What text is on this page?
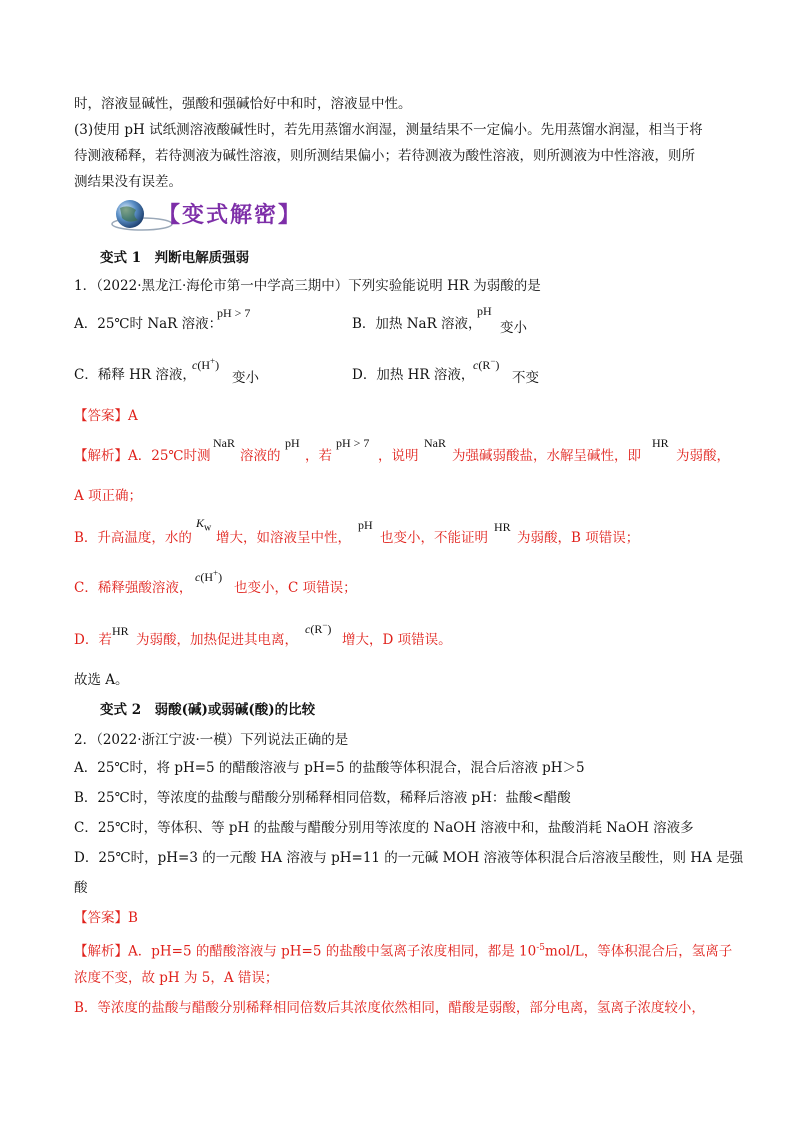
时，溶液显碱性，强酸和强碱恰好中和时，溶液显中性。
(3)使用 pH 试纸测溶液酸碱性时，若先用蒸馏水润湿，测量结果不一定偏小。先用蒸馏水润湿，相当于将
待测液稀释，若待测液为碱性溶液，则所测结果偏小；若待测液为酸性溶液，则所测液为中性溶液，则所
测结果没有误差。
【变式解密】
变式 1　判断电解质强弱
1．（2022·黑龙江·海伦市第一中学高三期中）下列实验能说明 HR 为弱酸的是
A．25℃时 NaR 溶液：
pH > 7
B．加热 NaR 溶液，
pH
变小
C．稀释 HR 溶液，
c(H+)
变小	D．加热 HR 溶液，
c(R−)
不变
【答案】A
【解析】A．25℃时测
NaR
溶液的
pH
，若
pH > 7
，说明
NaR
为强碱弱酸盐，水解呈碱性，即
HR
为弱酸，
A 项正确；
B．升高温度，水的
$K_w$
增大，如溶液呈中性，
pH
也变小，不能证明
HR
为弱酸，B 项错误；
C．稀释强酸溶液，
c(H+)
也变小，C 项错误；
D．若
HR
为弱酸，加热促进其电离，
c(R−)
增大，D 项错误。
故选 A。
变式 2　弱酸(碱)或弱碱(酸)的比较
2．（2022·浙江宁波·一模）下列说法正确的是
A．25℃时，将 pH=5 的醋酸溶液与 pH=5 的盐酸等体积混合，混合后溶液 pH＞5
B．25℃时，等浓度的盐酸与醋酸分别稀释相同倍数，稀释后溶液 pH：盐酸<醋酸
C．25℃时，等体积、等 pH 的盐酸与醋酸分别用等浓度的 NaOH 溶液中和，盐酸消耗 NaOH 溶液多
D．25℃时，pH=3 的一元酸 HA 溶液与 pH=11 的一元碱 MOH 溶液等体积混合后溶液呈酸性，则 HA 是强
酸
【答案】B
【解析】A．pH=5 的醋酸溶液与 pH=5 的盐酸中氢离子浓度相同，都是 $10^{-5}mol/L$，等体积混合后，氢离子
浓度不变，故 pH 为 5，A 错误；
B．等浓度的盐酸与醋酸分别稀释相同倍数后其浓度依然相同，醋酸是弱酸，部分电离，氢离子浓度较小，
